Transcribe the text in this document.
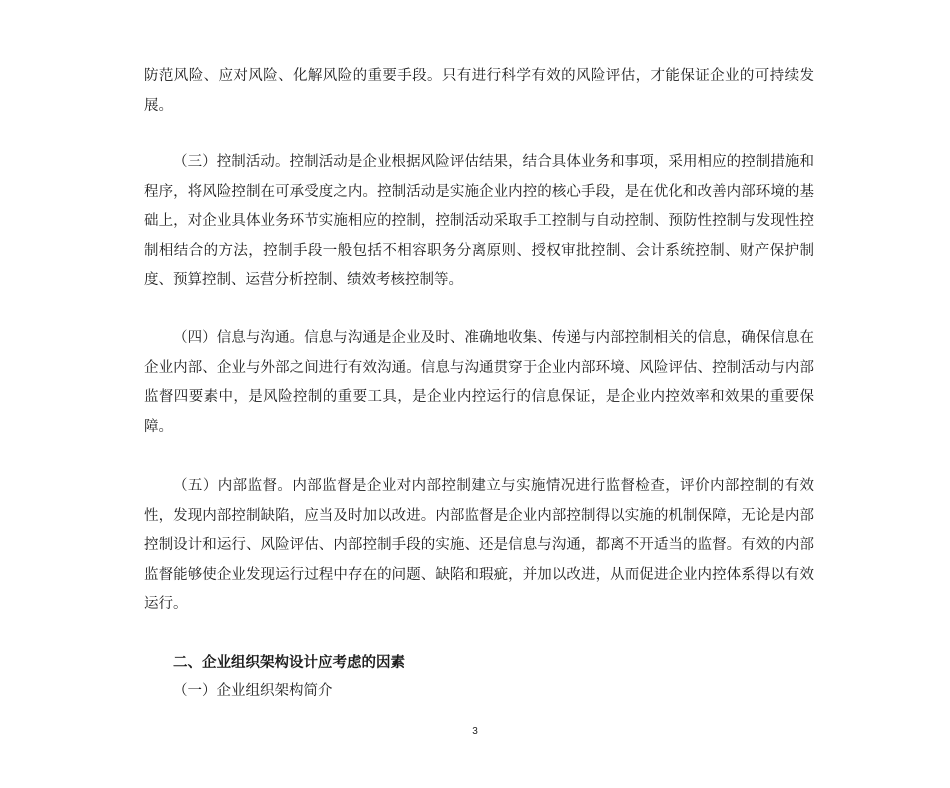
防范风险、应对风险、化解风险的重要手段。只有进行科学有效的风险评估，才能保证企业的可持续发展。

（三）控制活动。控制活动是企业根据风险评估结果，结合具体业务和事项，采用相应的控制措施和程序，将风险控制在可承受度之内。控制活动是实施企业内控的核心手段，是在优化和改善内部环境的基础上，对企业具体业务环节实施相应的控制，控制活动采取手工控制与自动控制、预防性控制与发现性控制相结合的方法，控制手段一般包括不相容职务分离原则、授权审批控制、会计系统控制、财产保护制度、预算控制、运营分析控制、绩效考核控制等。

（四）信息与沟通。信息与沟通是企业及时、准确地收集、传递与内部控制相关的信息，确保信息在企业内部、企业与外部之间进行有效沟通。信息与沟通贯穿于企业内部环境、风险评估、控制活动与内部监督四要素中，是风险控制的重要工具，是企业内控运行的信息保证，是企业内控效率和效果的重要保障。

（五）内部监督。内部监督是企业对内部控制建立与实施情况进行监督检查，评价内部控制的有效性，发现内部控制缺陷，应当及时加以改进。内部监督是企业内部控制得以实施的机制保障，无论是内部控制设计和运行、风险评估、内部控制手段的实施、还是信息与沟通，都离不开适当的监督。有效的内部监督能够使企业发现运行过程中存在的问题、缺陷和瑕疵，并加以改进，从而促进企业内控体系得以有效运行。

二、企业组织架构设计应考虑的因素

（一）企业组织架构简介

3
